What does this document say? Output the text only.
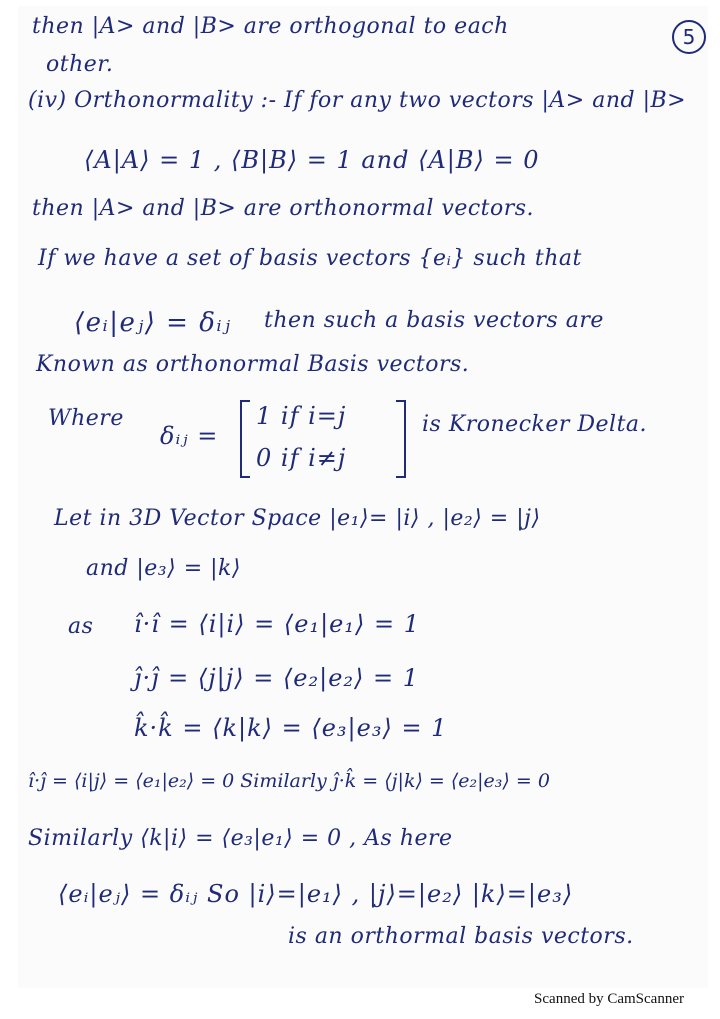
5
then |A> and |B> are orthogonal to each
other.
(iv) Orthonormality :- If for any two vectors |A> and |B>
⟨A|A⟩ = 1 , ⟨B|B⟩ = 1 and ⟨A|B⟩ = 0
then |A> and |B> are orthonormal vectors.
If we have a set of basis vectors {eᵢ} such that
⟨eᵢ|eⱼ⟩ = δᵢⱼ then such a basis vectors are
Known as orthonormal Basis vectors.
Where
δᵢⱼ =
1 if i=j
0 if i≠j
is Kronecker Delta.
Let in 3D Vector Space |e₁⟩= |i⟩ , |e₂⟩ = |j⟩
and |e₃⟩ = |k⟩
as î·î = ⟨i|i⟩ = ⟨e₁|e₁⟩ = 1
ĵ·ĵ = ⟨j|j⟩ = ⟨e₂|e₂⟩ = 1
k̂·k̂ = ⟨k|k⟩ = ⟨e₃|e₃⟩ = 1
î·ĵ = ⟨i|j⟩ = ⟨e₁|e₂⟩ = 0 Similarly ĵ·k̂ = ⟨j|k⟩ = ⟨e₂|e₃⟩ = 0
Similarly ⟨k|i⟩ = ⟨e₃|e₁⟩ = 0 , As here
⟨eᵢ|eⱼ⟩ = δᵢⱼ So |i⟩=|e₁⟩ , |j⟩=|e₂⟩ |k⟩=|e₃⟩
is an orthormal basis vectors.
Scanned by CamScanner
